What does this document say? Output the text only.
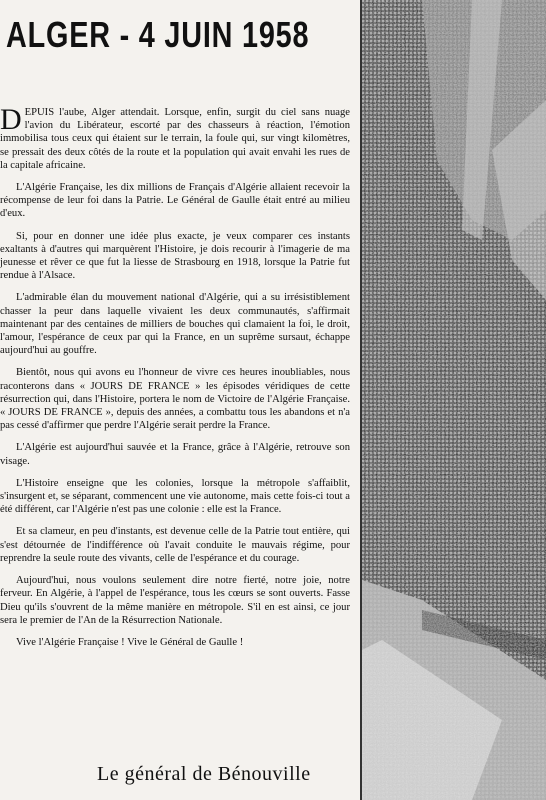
ALGER - 4 JUIN 1958

DEPUIS l'aube, Alger attendait. Lorsque, enfin, surgit du ciel sans nuage l'avion du Libérateur, escorté par des chasseurs à réaction, l'émotion immobilisa tous ceux qui étaient sur le terrain, la foule qui, sur vingt kilomètres, se pressait des deux côtés de la route et la population qui avait envahi les rues de la capitale africaine.

L'Algérie Française, les dix millions de Français d'Algérie allaient recevoir la récompense de leur foi dans la Patrie. Le Général de Gaulle était entré au milieu d'eux.

Si, pour en donner une idée plus exacte, je veux comparer ces instants exaltants à d'autres qui marquèrent l'Histoire, je dois recourir à l'imagerie de ma jeunesse et rêver ce que fut la liesse de Strasbourg en 1918, lorsque la Patrie fut rendue à l'Alsace.

L'admirable élan du mouvement national d'Algérie, qui a su irrésistiblement chasser la peur dans laquelle vivaient les deux communautés, s'affirmait maintenant par des centaines de milliers de bouches qui clamaient la foi, le droit, l'amour, l'espérance de ceux par qui la France, en un suprême sursaut, échappe aujourd'hui au gouffre.

Bientôt, nous qui avons eu l'honneur de vivre ces heures inoubliables, nous raconterons dans « JOURS DE FRANCE » les épisodes véridiques de cette résurrection qui, dans l'Histoire, portera le nom de Victoire de l'Algérie Française. « JOURS DE FRANCE », depuis des années, a combattu tous les abandons et n'a pas cessé d'affirmer que perdre l'Algérie serait perdre la France.

L'Algérie est aujourd'hui sauvée et la France, grâce à l'Algérie, retrouve son visage.

L'Histoire enseigne que les colonies, lorsque la métropole s'affaiblit, s'insurgent et, se séparant, commencent une vie autonome, mais cette fois-ci tout a été différent, car l'Algérie n'est pas une colonie : elle est la France.

Et sa clameur, en peu d'instants, est devenue celle de la Patrie tout entière, qui s'est détournée de l'indifférence où l'avait conduite le mauvais régime, pour reprendre la seule route des vivants, celle de l'espérance et du courage.

Aujourd'hui, nous voulons seulement dire notre fierté, notre joie, notre ferveur. En Algérie, à l'appel de l'espérance, tous les cœurs se sont ouverts. Fasse Dieu qu'ils s'ouvrent de la même manière en métropole. S'il en est ainsi, ce jour sera le premier de l'An de la Résurrection Nationale.

Vive l'Algérie Française ! Vive le Général de Gaulle !

Le général de Bénouville
